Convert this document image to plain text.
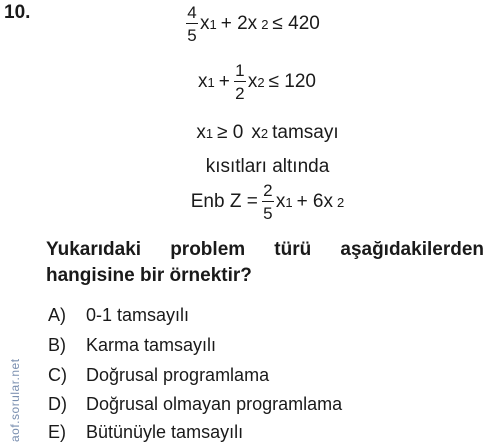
10.	$\frac{4}{5}$ x 1 + 2x 2 ≤ 420
x $1 + \frac{1}{2}$ x 2 ≤ 120
x 1 ≥ 0 x 2 tamsayı
kısıtları altında
Enb $Z = \frac{2}{5}$ x 1 + 6x 2
Yukarıdaki problem türü aşağıdakilerden
hangisine bir örnektir?
A)	0-1 tamsayılı
B)	Karma tamsayılı
C)	Doğrusal programlama
D)	Doğrusal olmayan programlama
E)	Bütünüyle tamsayılı
aof.sorular.net
